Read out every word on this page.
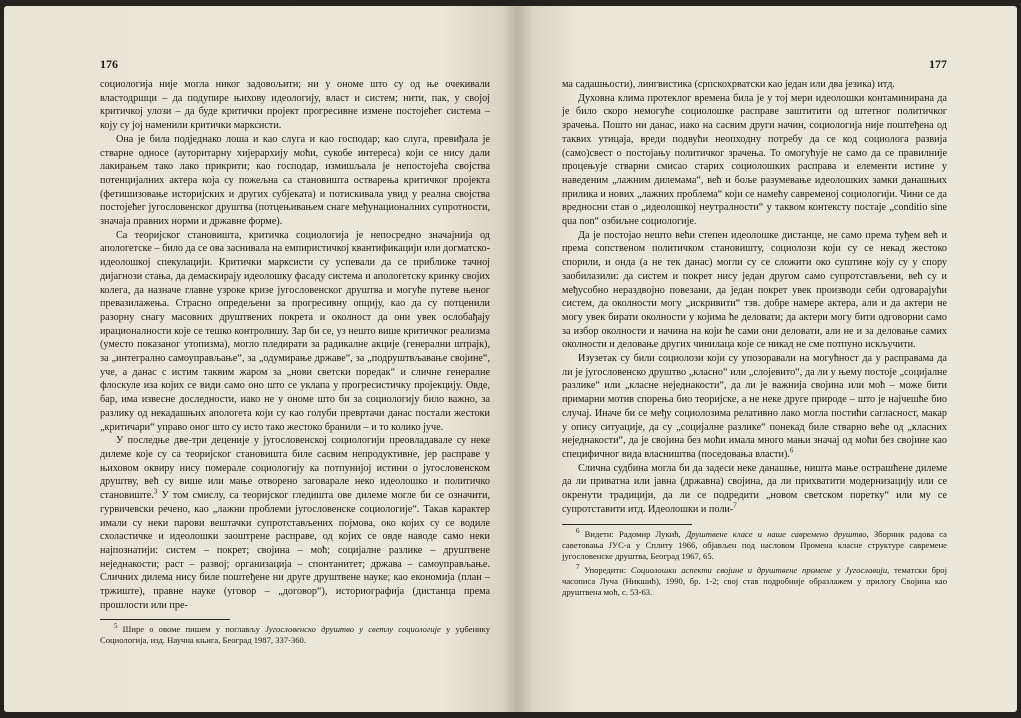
176

социологија није могла никог задовољити; ни у ономе што су од ње очекивали властодршци – да подупире њихову идеологију, власт и систем; нити, пак, у својој критичкој улози – да буде критички пројект прогресивне измене постојећег система – коју су јој наменили критички марксисти.

Она је била подједнако лоша и као слуга и као господар; као слуга, превиђала је стварне односе (ауторитарну хијерархију моћи, сукобе интереса) који се нису дали лакирањем тако лако прикрити; као господар, измишљала је непостојећа својства потенцијалних актера која су пожељна са становишта остварења критичког пројекта (фетишизовање историјских и других субјеката) и потискивала увид у реална својства постојећег југословенског друштва (потцењивањем снаге међунационалних супротности, значаја правних норми и државне форме).

Са теоријског становишта, критичка социологија је непосредно значајнија од апологетске – било да се ова заснивала на емпиристичкој квантификацији или догматско-идеолошкој спекулацији. Критички марксисти су успевали да се приближе тачној дијагнози стања, да демаскирају идеолошку фасаду система и апологетску кринку својих колега, да назначе главне узроке кризе југословенског друштва и могуће путеве њеног превазилажења. Страсно опредељени за прогресивну опцију, као да су потценили разорну снагу масовних друштвених покрета и околност да они увек ослобађају ирационалности које се тешко контролишу. Зар би се, уз нешто више критичког реализма (уместо показаног утопизма), могло пледирати за радикалне акције (генерални штрајк), за „интегрално самоуправљање“, за „одумирање државе“, за „подруштвљавање својине“, уче, а данас с истим таквим жаром за „нови светски поредак“ и сличне генералне флоскуле иза којих се види само оно што се уклапа у прогресистичку пројекцију. Овде, бар, има извесне доследности, иако не у ономе што би за социологију било важно, за разлику од некадашњих апологета који су као голуби превртачи данас постали жестоки „критичари“ управо оног што су исто тако жестоко бранили – и то колико јуче.

У последње две-три деценије у југословенској социологији преовладавале су неке дилеме које су са теоријског становишта биле сасвим непродуктивне, јер расправе у њиховом оквиру нису померале социологију ка потпунијој истини о југословенском друштву, већ су више или мање отворено заговарале неко идеолошко и политичко становиште.$^3$ У том смислу, са теоријског гледишта ове дилеме могле би се означити, гурвичевски речено, као „лажни проблеми југословенске социологије“. Такав карактер имали су неки парови вештачки супротстављених појмова, око којих су се водиле схоластичке и идеолошки заоштрене расправе, од којих се овде наводе само неки најпознатији: систем – покрет; својина – моћ; социјалне разлике – друштвене неједнакости; раст – развој; организација – спонтанитет; држава – самоуправљање. Сличних дилема нису биле поштеђене ни друге друштвене науке; као економија (план – тржиште), правне науке (уговор – „договор“), историографија (дистанца према прошлости или пре-

$^5$ Шире о овоме пишем у поглављу Југословенско друштво у светлу социологије у уџбенику Социологија, изд. Научна књига, Београд 1987, 337-360.

177

ма садашњости), лингвистика (српскохрватски као један или два језика) итд.

Духовна клима протеклог времена била је у тој мери идеолошки контаминирана да је било скоро немогуће социолошке расправе заштитити од штетног политичког зрачења. Пошто ни данас, иако на сасвим други начин, социологија није поштеђена од таквих утицаја, вреди подвући неопходну потребу да се код социолога развија (само)свест о постојању политичког зрачења. То омогућује не само да се правилније процењује стварни смисао старих социолошких расправа и елементи истине у наведеним „лажним дилемама“, већ и боље разумевање идеолошких замки данашњих прилика и нових „лажних проблема“ који се намећу савременој социологији. Чини се да вредносни став о „идеолошкој неутралности“ у таквом контексту постаје „conditio sine qua non“ озбиљне социологије.

Да је постојао нешто већи степен идеолошке дистанце, не само према туђем већ и према сопственом политичком становишту, социолози који су се некад жестоко спорили, и онда (а не тек данас) могли су се сложити око суштине коју су у спору заобилазили: да систем и покрет нису један другом само супротстављени, већ су и међусобно нераздвојно повезани, да један покрет увек производи себи одговарајући систем, да околности могу „искривити“ тзв. добре намере актера, али и да актери не могу увек бирати околности у којима ће деловати; да актери могу бити одговорни само за избор околности и начина на који ће сами они деловати, али не и за деловање самих околности и деловање других чинилаца које се никад не сме потпуно искључити.

Изузетак су били социолози који су упозоравали на могућност да у расправама да ли је југословенско друштво „класно“ или „слојевито“, да ли у њему постоје „социјалне разлике“ или „класне неједнакости“, да ли је важнија својина или моћ – може бити примарни мотив спорења био теоријске, а не неке друге природе – што је најчешће био случај. Иначе би се међу социолозима релативно лако могла постићи сагласност, макар у опису ситуације, да су „социјалне разлике“ понекад биле стварно веће од „класних неједнакости“, да је својина без моћи имала много мањи значај од моћи без својине као специфичног вида власништва (поседовања власти).$^6$

Слична судбина могла би да задеси неке данашње, ништа мање острашћене дилеме да ли приватна или јавна (државна) својина, да ли прихватити модернизацију или се окренути традицији, да ли се подредити „новом светском поретку“ или му се супротставити итд. Идеолошки и поли-$^7$

$^6$ Видети: Радомир Лукић, Друштвене класе и наше савремено друштво, Зборник радова са саветовања ЈУС-а у Сплиту 1966, објављен под насловом Промена класне структуре савремене југословенске друштва, Београд 1967, 65.

$^7$ Упоредити: Социолошки аспекти својине и друштвене промене у Југославији, тематски број часописа Луча (Никшић), 1990, бр. 1-2; свој став подробније образлажем у прилогу Својина као друштвена моћ, с. 53-63.
